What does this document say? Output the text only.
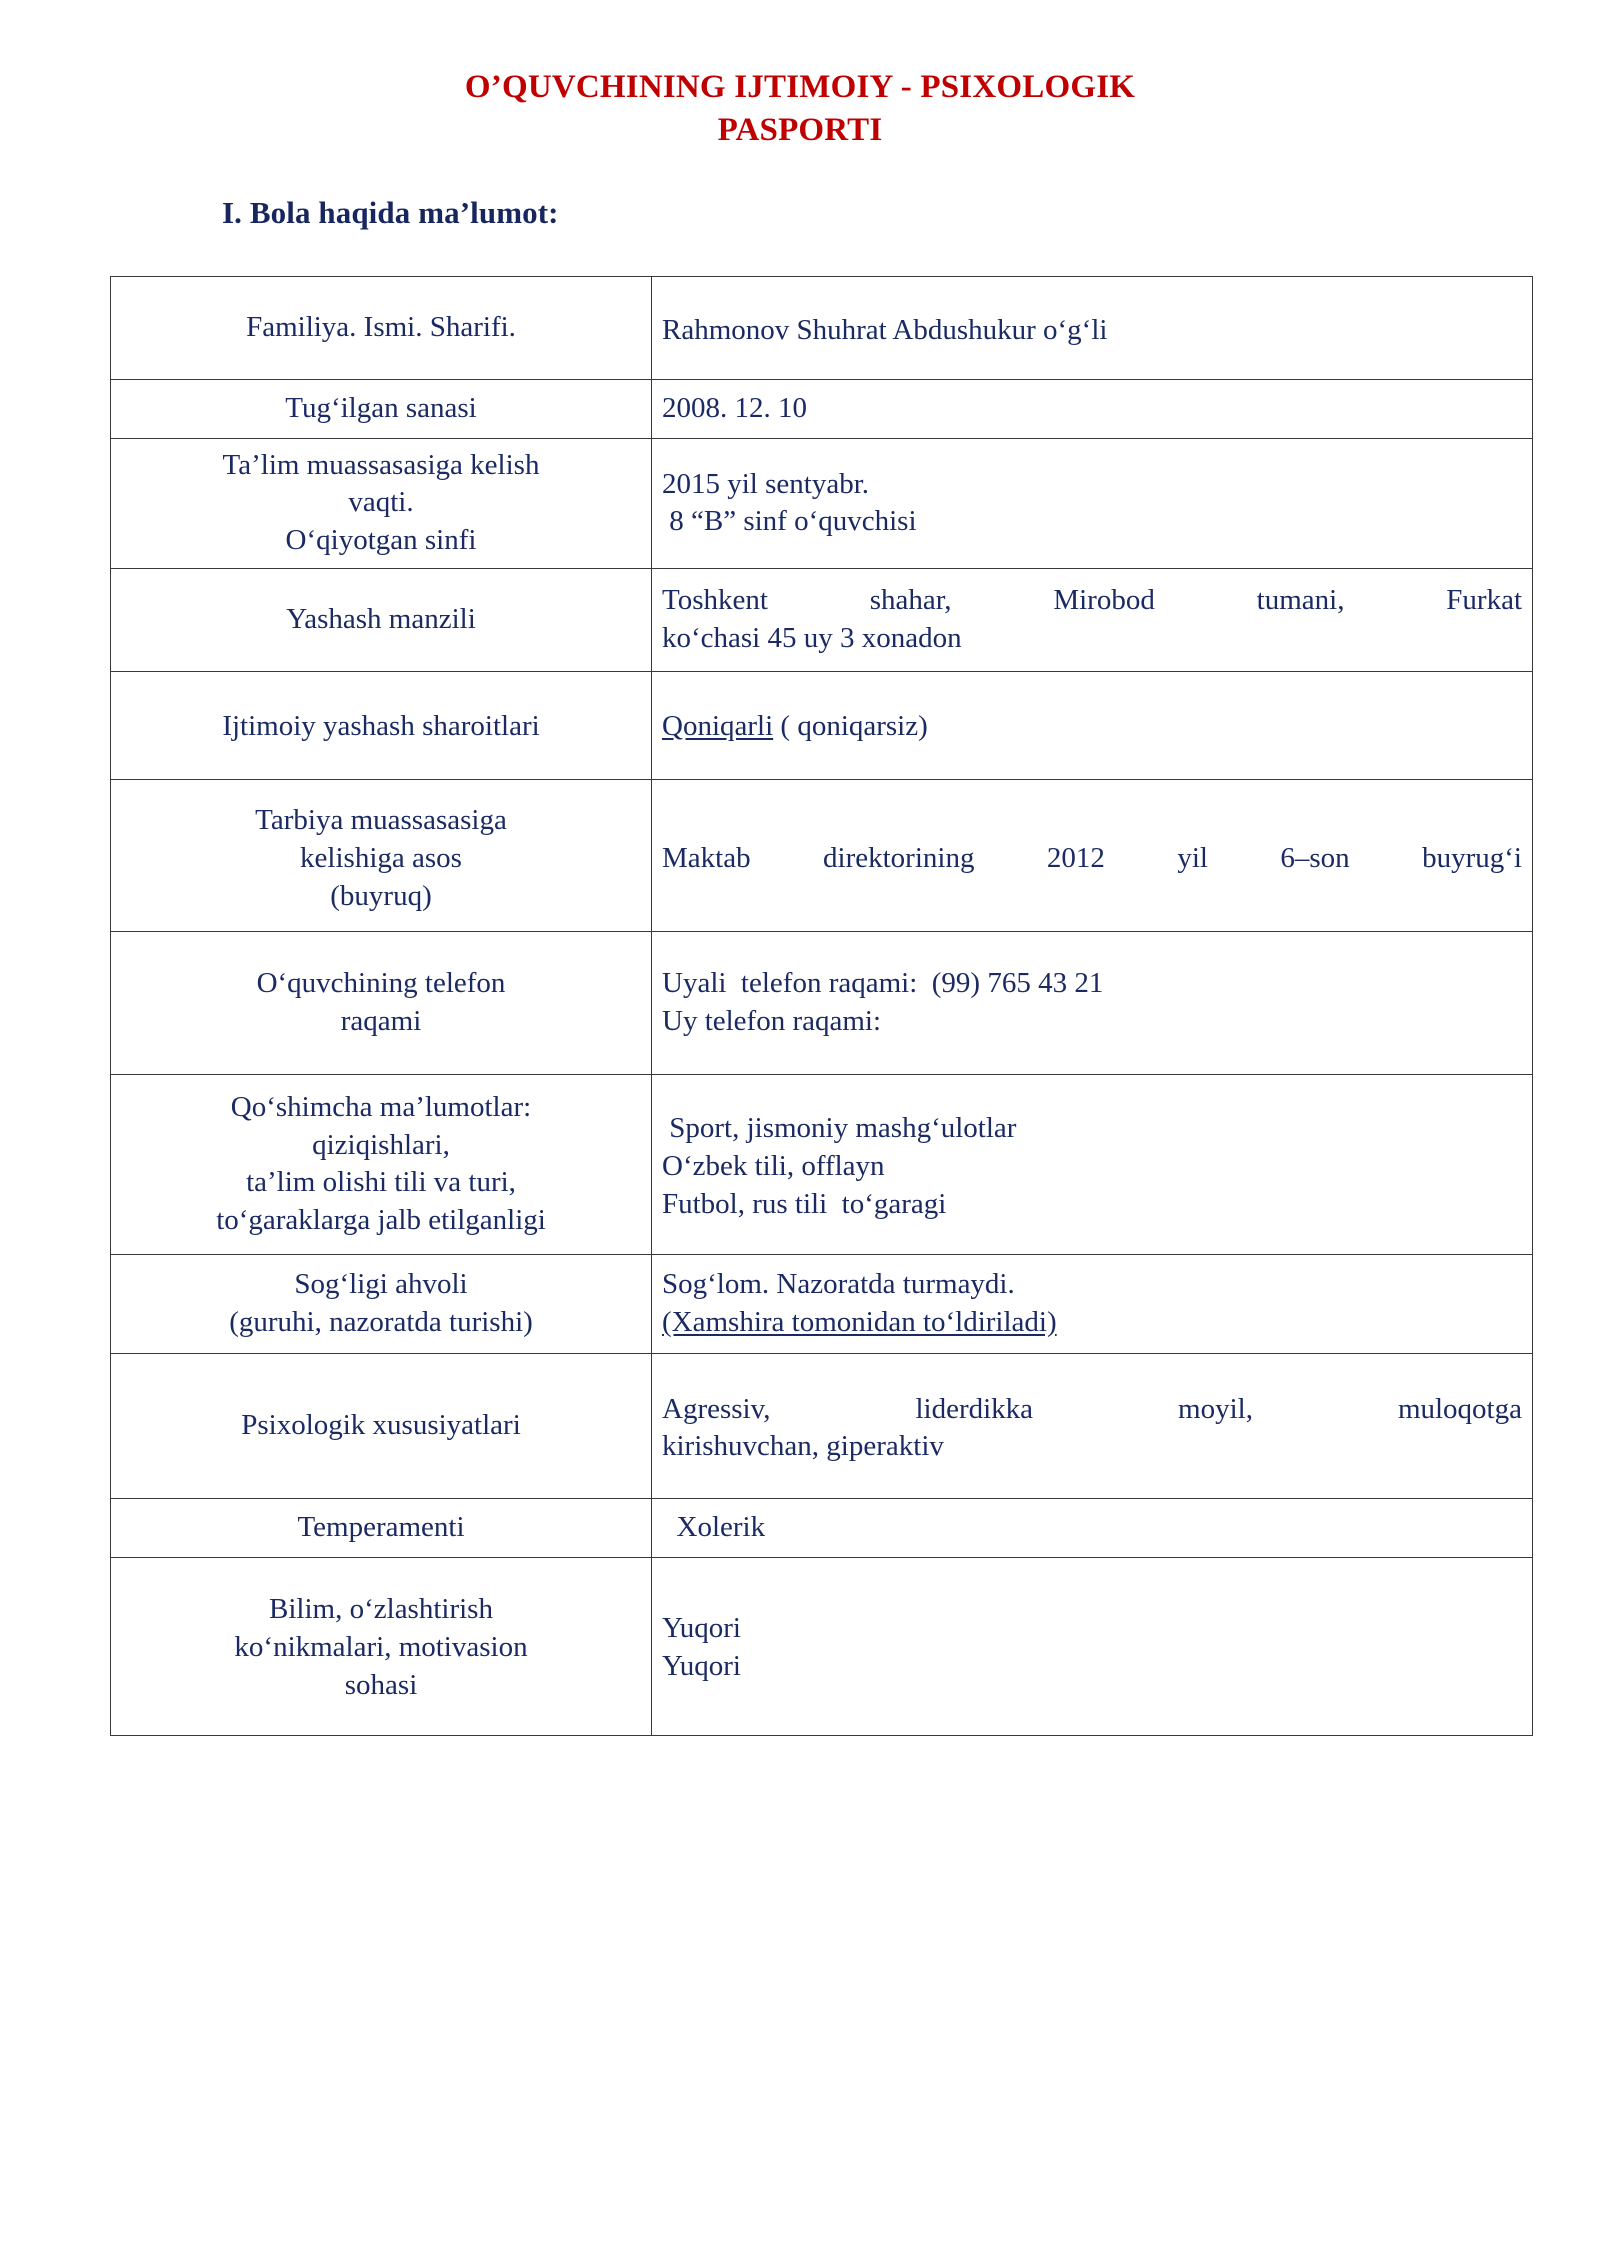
O’QUVCHINING IJTIMOIY - PSIXOLOGIK
PASPORTI
I. Bola haqida ma’lumot:
Familiya. Ismi. Sharifi.	Rahmonov Shuhrat Abdushukur o‘g‘li

Tug‘ilgan sanasi	2008. 12. 10

Ta’lim muassasasiga kelish
vaqti.
O‘qiyotgan sinfi	2015 yil sentyabr.
8 “B” sinf o‘quvchisi

Yashash manzili	Toshkent shahar, Mirobod tumani, Furkat
ko‘chasi 45 uy 3 xonadon

Ijtimoiy yashash sharoitlari	Qoniqarli ( qoniqarsiz)

Tarbiya muassasasiga
kelishiga asos
(buyruq)	Maktab direktorining 2012 yil 6–son buyrug‘i

O‘quvchining telefon
raqami	Uyali  telefon raqami:  (99) 765 43 21
Uy telefon raqami:

Qo‘shimcha ma’lumotlar:
qiziqishlari,
ta’lim olishi tili va turi,
to‘garaklarga jalb etilganligi	Sport, jismoniy mashg‘ulotlar
O‘zbek tili, offlayn
Futbol, rus tili  to‘garagi

Sog‘ligi ahvoli
(guruhi, nazoratda turishi)	Sog‘lom. Nazoratda turmaydi.
(Xamshira tomonidan to‘ldiriladi)

Psixologik xususiyatlari	Agressiv, liderdikka moyil, muloqotga
kirishuvchan, giperaktiv

Temperamenti	Xolerik

Bilim, o‘zlashtirish
ko‘nikmalari, motivasion
sohasi	Yuqori
Yuqori
